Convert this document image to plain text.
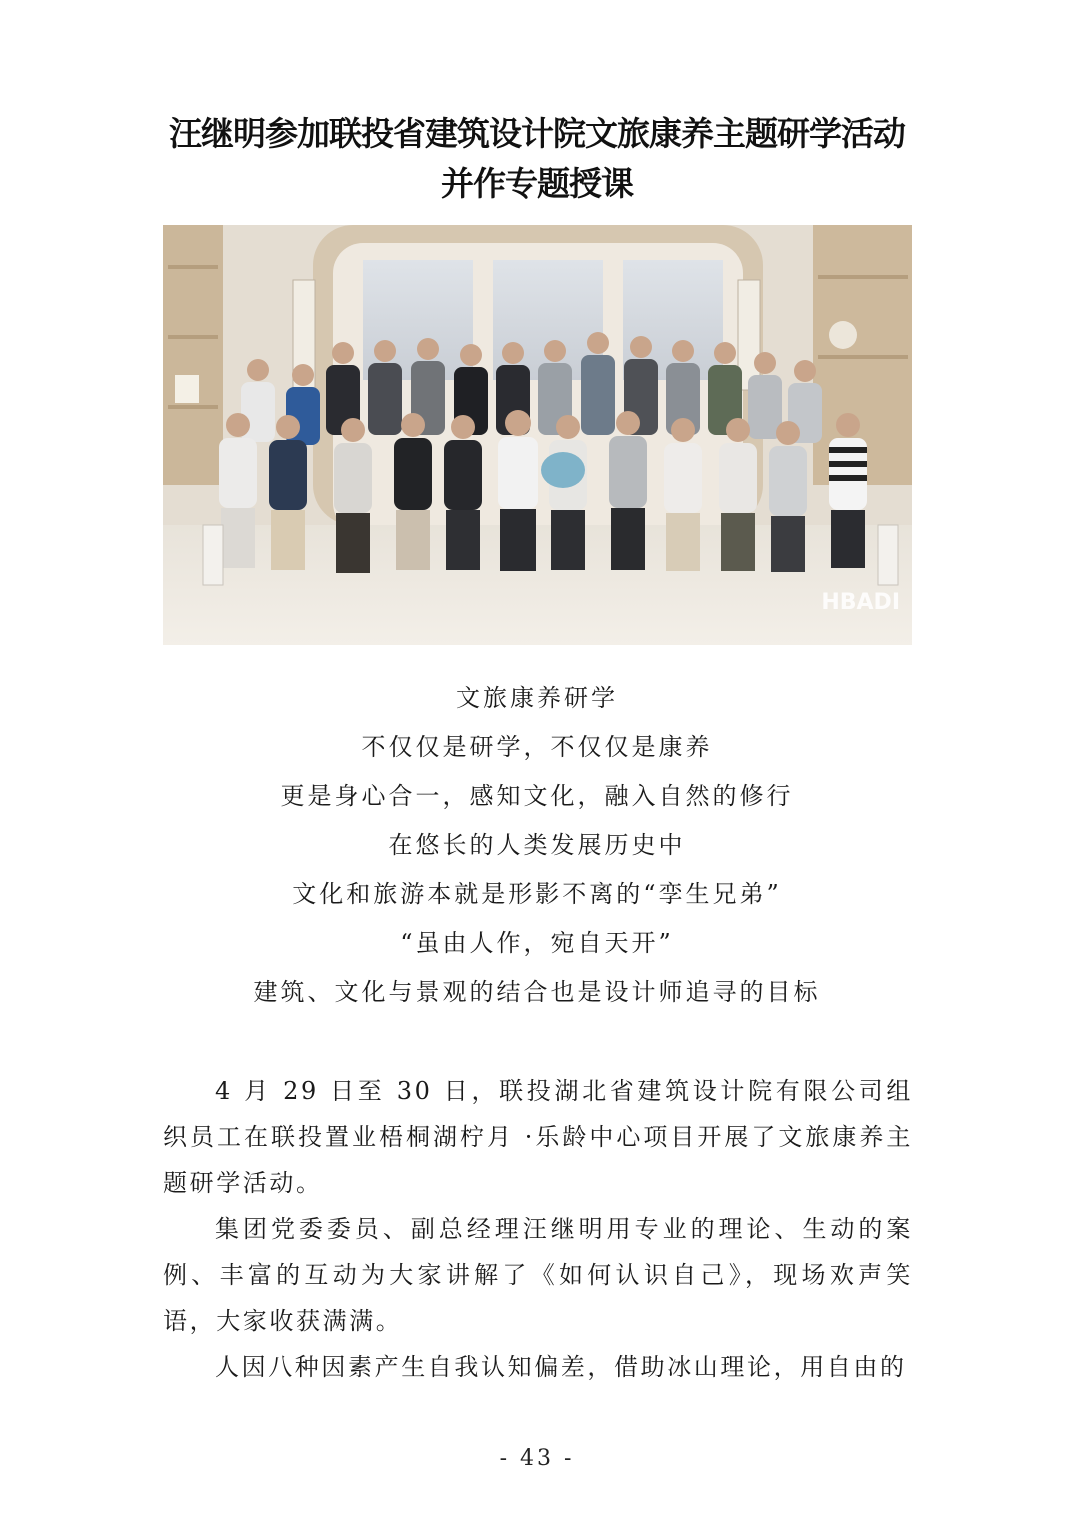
汪继明参加联投省建筑设计院文旅康养主题研学活动
并作专题授课
HBADI
文旅康养研学
不仅仅是研学，不仅仅是康养
更是身心合一，感知文化，融入自然的修行
在悠长的人类发展历史中
文化和旅游本就是形影不离的“孪生兄弟”
“虽由人作，宛自天开”
建筑、文化与景观的结合也是设计师追寻的目标

4 月 29 日至 30 日，联投湖北省建筑设计院有限公司组织员工在联投置业梧桐湖柠月 ·乐龄中心项目开展了文旅康养主题研学活动。

集团党委委员、副总经理汪继明用专业的理论、生动的案例、丰富的互动为大家讲解了《如何认识自己》，现场欢声笑语，大家收获满满。

人因八种因素产生自我认知偏差，借助冰山理论，用自由的

- 43 -
